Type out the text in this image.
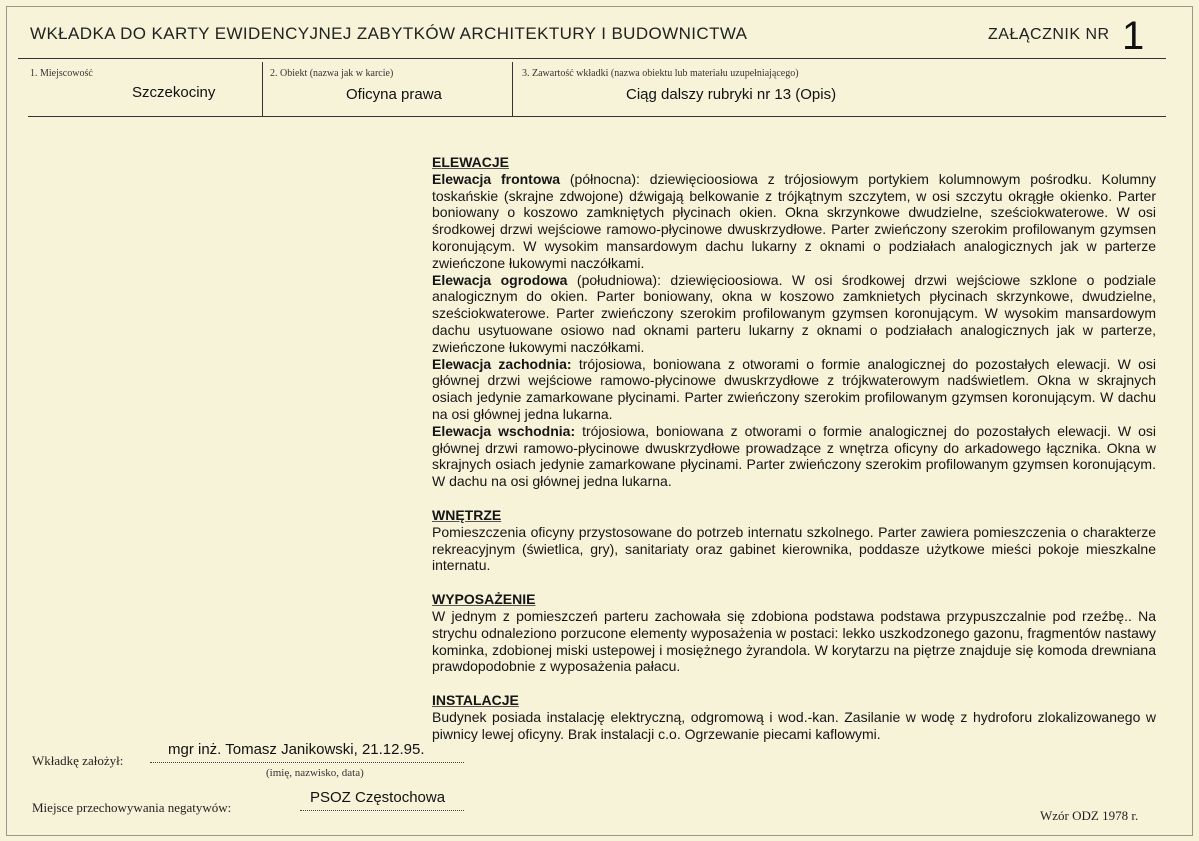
WKŁADKA DO KARTY EWIDENCYJNEJ ZABYTKÓW ARCHITEKTURY I BUDOWNICTWA	ZAŁĄCZNIK NR 1
1. Miejscowość
Szczekociny
2. Obiekt (nazwa jak w karcie)
Oficyna prawa
3. Zawartość wkładki (nazwa obiektu lub materiału uzupełniającego)
Ciąg dalszy rubryki nr 13 (Opis)
ELEWACJE

Elewacja frontowa (północna): dziewięcioosiowa z trójosiowym portykiem kolumnowym pośrodku. Kolumny toskańskie (skrajne zdwojone) dźwigają belkowanie z trójkątnym szczytem, w osi szczytu okrągłe okienko. Parter boniowany o koszowo zamkniętych płycinach okien. Okna skrzynkowe dwudzielne, sześciokwaterowe. W osi środkowej drzwi wejściowe ramowo-płycinowe dwuskrzydłowe. Parter zwieńczony szerokim profilowanym gzymsen koronującym. W wysokim mansardowym dachu lukarny z oknami o podziałach analogicznych jak w parterze zwieńczone łukowymi naczółkami.

Elewacja ogrodowa (południowa): dziewięcioosiowa. W osi środkowej drzwi wejściowe szklone o podziale analogicznym do okien. Parter boniowany, okna w koszowo zamknietych płycinach skrzynkowe, dwudzielne, sześciokwaterowe. Parter zwieńczony szerokim profilowanym gzymsen koronującym. W wysokim mansardowym dachu usytuowane osiowo nad oknami parteru lukarny z oknami o podziałach analogicznych jak w parterze, zwieńczone łukowymi naczółkami.

Elewacja zachodnia: trójosiowa, boniowana z otworami o formie analogicznej do pozostałych elewacji. W osi głównej drzwi wejściowe ramowo-płycinowe dwuskrzydłowe z trójkwaterowym nadświetlem. Okna w skrajnych osiach jedynie zamarkowane płycinami. Parter zwieńczony szerokim profilowanym gzymsen koronującym. W dachu na osi głównej jedna lukarna.

Elewacja wschodnia: trójosiowa, boniowana z otworami o formie analogicznej do pozostałych elewacji. W osi głównej drzwi ramowo-płycinowe dwuskrzydłowe prowadzące z wnętrza oficyny do arkadowego łącznika. Okna w skrajnych osiach jedynie zamarkowane płycinami. Parter zwieńczony szerokim profilowanym gzymsen koronującym. W dachu na osi głównej jedna lukarna.

WNĘTRZE

Pomieszczenia oficyny przystosowane do potrzeb internatu szkolnego. Parter zawiera pomieszczenia o charakterze rekreacyjnym (świetlica, gry), sanitariaty oraz gabinet kierownika, poddasze użytkowe mieści pokoje mieszkalne internatu.

WYPOSAŻENIE

W jednym z pomieszczeń parteru zachowała się zdobiona podstawa podstawa przypuszczalnie pod rzeźbę.. Na strychu odnaleziono porzucone elementy wyposażenia w postaci: lekko uszkodzonego gazonu, fragmentów nastawy kominka, zdobionej miski ustepowej i mosiężnego żyrandola. W korytarzu na piętrze znajduje się komoda drewniana prawdopodobnie z wyposażenia pałacu.

INSTALACJE

Budynek posiada instalację elektryczną, odgromową i wod.-kan. Zasilanie w wodę z hydroforu zlokalizowanego w piwnicy lewej oficyny. Brak instalacji c.o. Ogrzewanie piecami kaflowymi.

Wkładkę założył:
mgr inż. Tomasz Janikowski, 21.12.95.
(imię, nazwisko, data)
Miejsce przechowywania negatywów:
PSOZ Częstochowa
Wzór ODZ 1978 r.
